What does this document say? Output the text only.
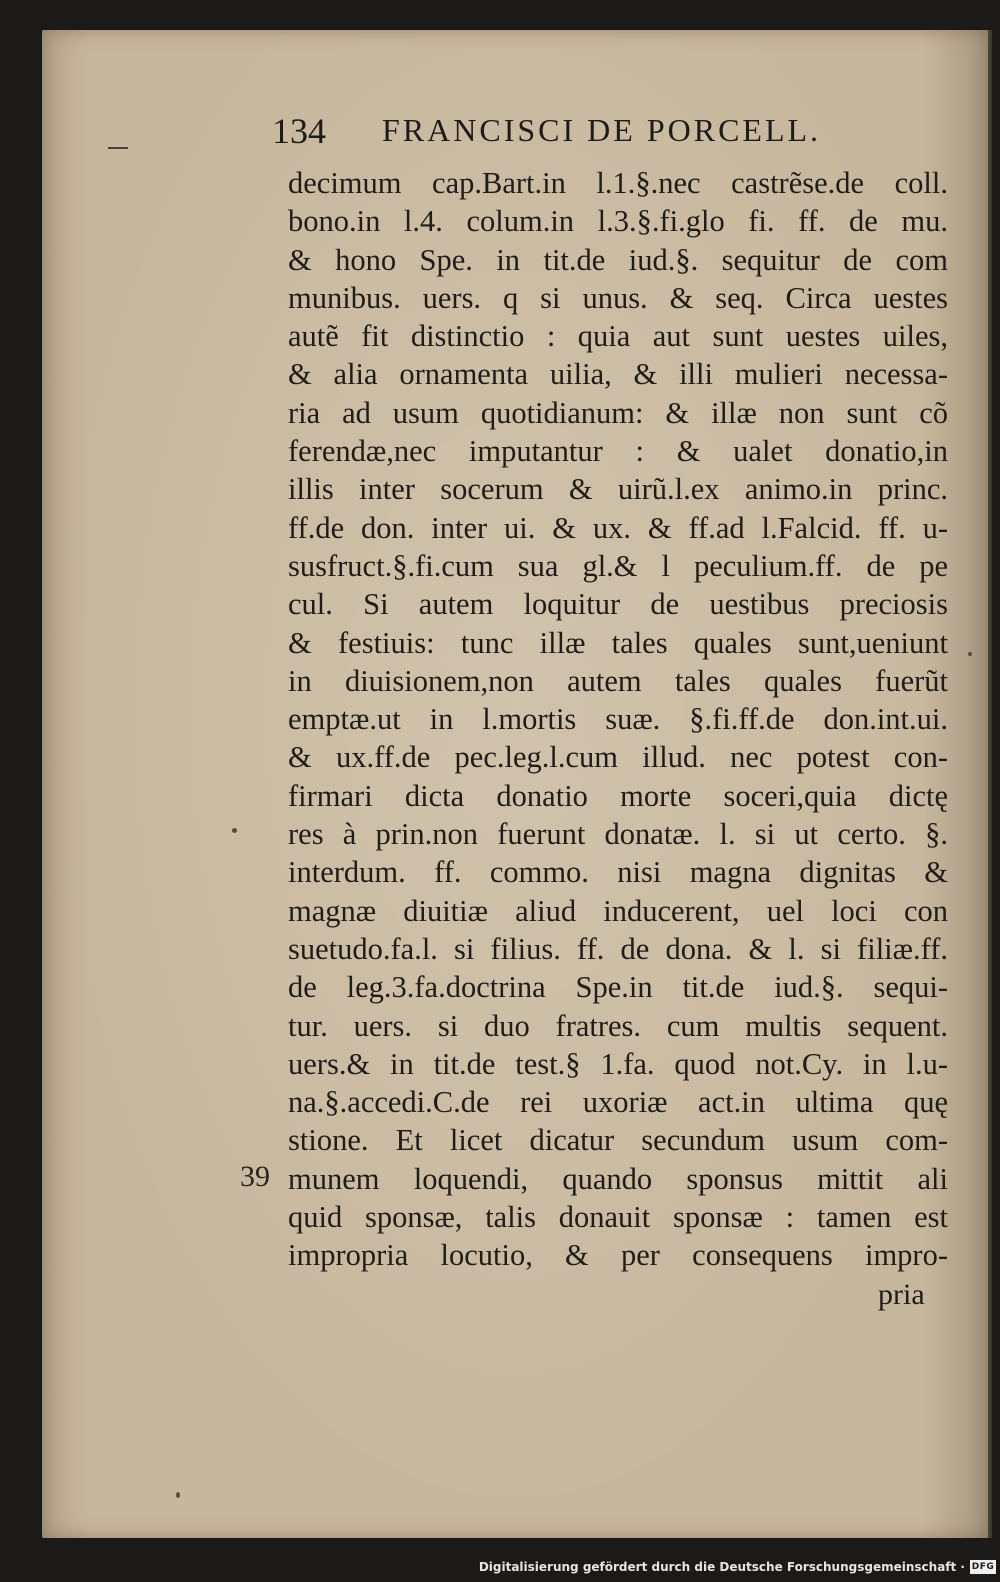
134 FRANCISCI DE PORCELL.
decimum cap.Bart.in l.1.§.nec castrẽse.de coll.
bono.in l.4. colum.in l.3.§.fi.glo fi. ff. de mu.
& hono Spe. in tit.de iud.§. sequitur de com
munibus. uers. q si unus. & seq. Circa uestes
autẽ fit distinctio : quia aut sunt uestes uiles,
& alia ornamenta uilia, & illi mulieri necessa-
ria ad usum quotidianum: & illæ non sunt cõ
ferendæ,nec imputantur : & ualet donatio,in
illis inter socerum & uirũ.l.ex animo.in princ.
ff.de don. inter ui. & ux. & ff.ad l.Falcid. ff. u-
susfruct.§.fi.cum sua gl.& l peculium.ff. de pe
cul. Si autem loquitur de uestibus preciosis
& festiuis: tunc illæ tales quales sunt,ueniunt
in diuisionem,non autem tales quales fuerũt
emptæ.ut in l.mortis suæ. §.fi.ff.de don.int.ui.
& ux.ff.de pec.leg.l.cum illud. nec potest con-
firmari dicta donatio morte soceri,quia dictę
res à prin.non fuerunt donatæ. l. si ut certo. §.
interdum. ff. commo. nisi magna dignitas &
magnæ diuitiæ aliud inducerent, uel loci con
suetudo.fa.l. si filius. ff. de dona. & l. si filiæ.ff.
de leg.3.fa.doctrina Spe.in tit.de iud.§. sequi-
tur. uers. si duo fratres. cum multis sequent.
uers.& in tit.de test.§ 1.fa. quod not.Cy. in l.u-
na.§.accedi.C.de rei uxoriæ act.in ultima quę
stione. Et licet dicatur secundum usum com-
munem loquendi, quando sponsus mittit ali
quid sponsæ, talis donauit sponsæ : tamen est
impropria locutio, & per consequens impro-
39
pria
Digitalisierung gefördert durch die Deutsche Forschungsgemeinschaft · DFG
